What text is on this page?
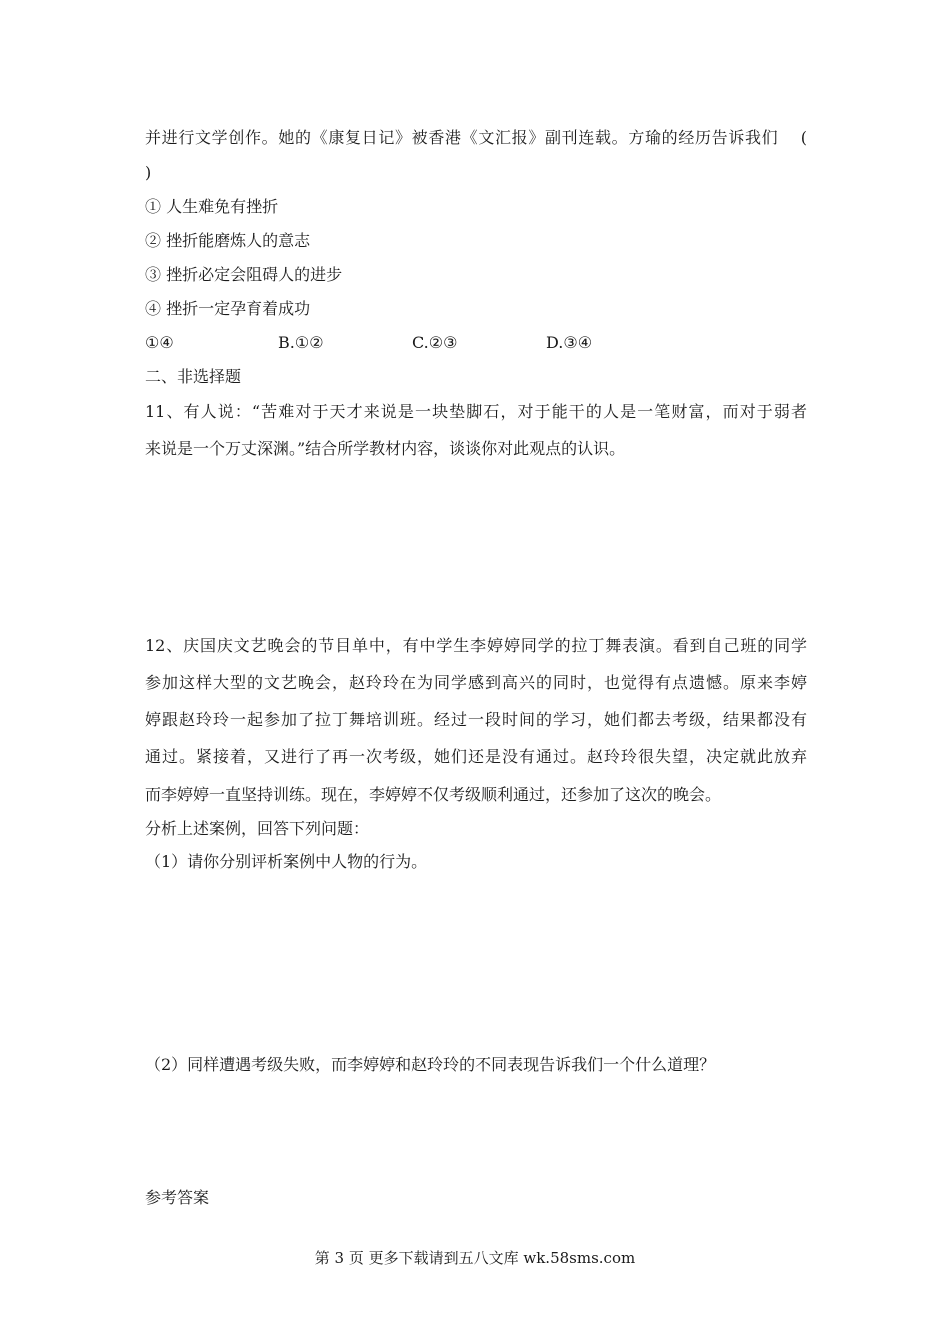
并进行文学创作。她的《康复日记》被香港《文汇报》副刊连载。方瑜的经历告诉我们 　(
)
① 人生难免有挫折
② 挫折能磨炼人的意志
③ 挫折必定会阻碍人的进步
④ 挫折一定孕育着成功
①④	B.①②	C.②③	D.③④
二、非选择题
11、有人说：“苦难对于天才来说是一块垫脚石，对于能干的人是一笔财富，而对于弱者
来说是一个万丈深渊。”结合所学教材内容，谈谈你对此观点的认识。
12、庆国庆文艺晚会的节目单中，有中学生李婷婷同学的拉丁舞表演。看到自己班的同学
参加这样大型的文艺晚会，赵玲玲在为同学感到高兴的同时，也觉得有点遗憾。原来李婷
婷跟赵玲玲一起参加了拉丁舞培训班。经过一段时间的学习，她们都去考级，结果都没有
通过。紧接着，又进行了再一次考级，她们还是没有通过。赵玲玲很失望，决定就此放弃
而李婷婷一直坚持训练。现在，李婷婷不仅考级顺利通过，还参加了这次的晚会。
分析上述案例，回答下列问题：
（1）请你分别评析案例中人物的行为。
（2）同样遭遇考级失败，而李婷婷和赵玲玲的不同表现告诉我们一个什么道理？
参考答案
第 3 页 更多下载请到五八文库 wk.58sms.com
